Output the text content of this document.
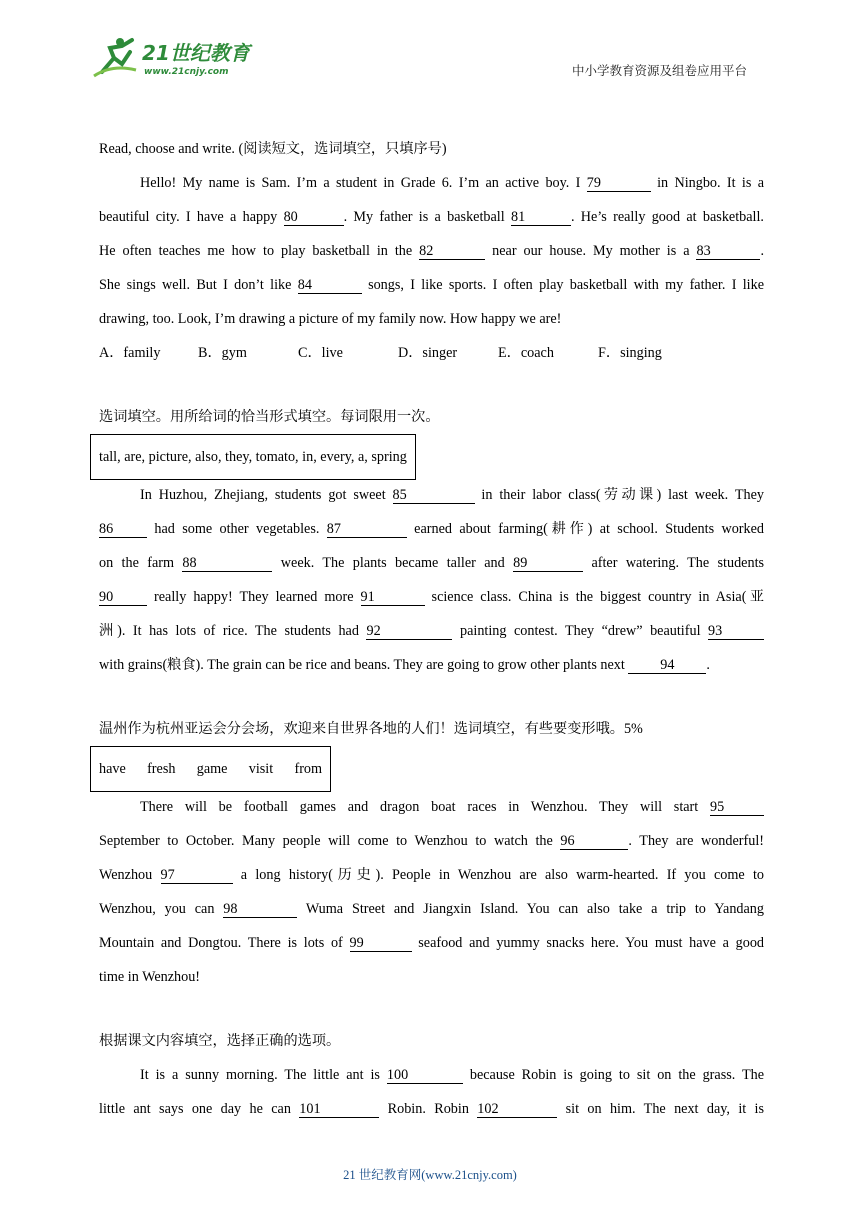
21世纪教育
www.21cnjy.com	中小学教育资源及组卷应用平台
Read, choose and write. (阅读短文，选词填空，只填序号)
Hello! My name is Sam. I’m a student in Grade 6. I’m an active boy. I 79	in Ningbo. It is a
beautiful city. I have a happy 80	. My father is a basketball 81	. He’s really good at basketball.
He often teaches me how to play basketball in the 82	near our house. My mother is a 83	.
She sings well. But I don’t like 84	songs, I like sports. I often play basketball with my father. I like
drawing, too. Look, I’m drawing a picture of my family now. How happy we are!
A．family	B．gym	C．live	D．singer	E．coach	F．singing
选词填空。用所给词的恰当形式填空。每词限用一次。
tall, are, picture, also, they, tomato, in, every, a, spring
In Huzhou, Zhejiang, students got sweet 85	in their labor class(劳动课) last week. They
86	had some other vegetables. 87	earned about farming(耕作) at school. Students worked
on the farm 88	week. The plants became taller and 89	after watering. The students
90	really happy! They learned more 91	science class. China is the biggest country in Asia(亚
洲). It has lots of rice. The students had 92	painting contest. They “drew” beautiful 93
with grains(粮食). The grain can be rice and beans. They are going to grow other plants next 94 .
温州作为杭州亚运会分会场，欢迎来自世界各地的人们！选词填空，有些要变形哦。5%
have fresh game visit from
There will be football games and dragon boat races in Wenzhou. They will start 95
September to October. Many people will come to Wenzhou to watch the 96	. They are wonderful!
Wenzhou 97	a long history(历史). People in Wenzhou are also warm-hearted. If you come to
Wenzhou, you can 98	Wuma Street and Jiangxin Island. You can also take a trip to Yandang
Mountain and Dongtou. There is lots of 99	seafood and yummy snacks here. You must have a good
time in Wenzhou!
根据课文内容填空，选择正确的选项。
It is a sunny morning. The little ant is 100	because Robin is going to sit on the grass. The
little ant says one day he can 101	Robin. Robin 102	sit on him. The next day, it is
21 世纪教育网(www.21cnjy.com)
